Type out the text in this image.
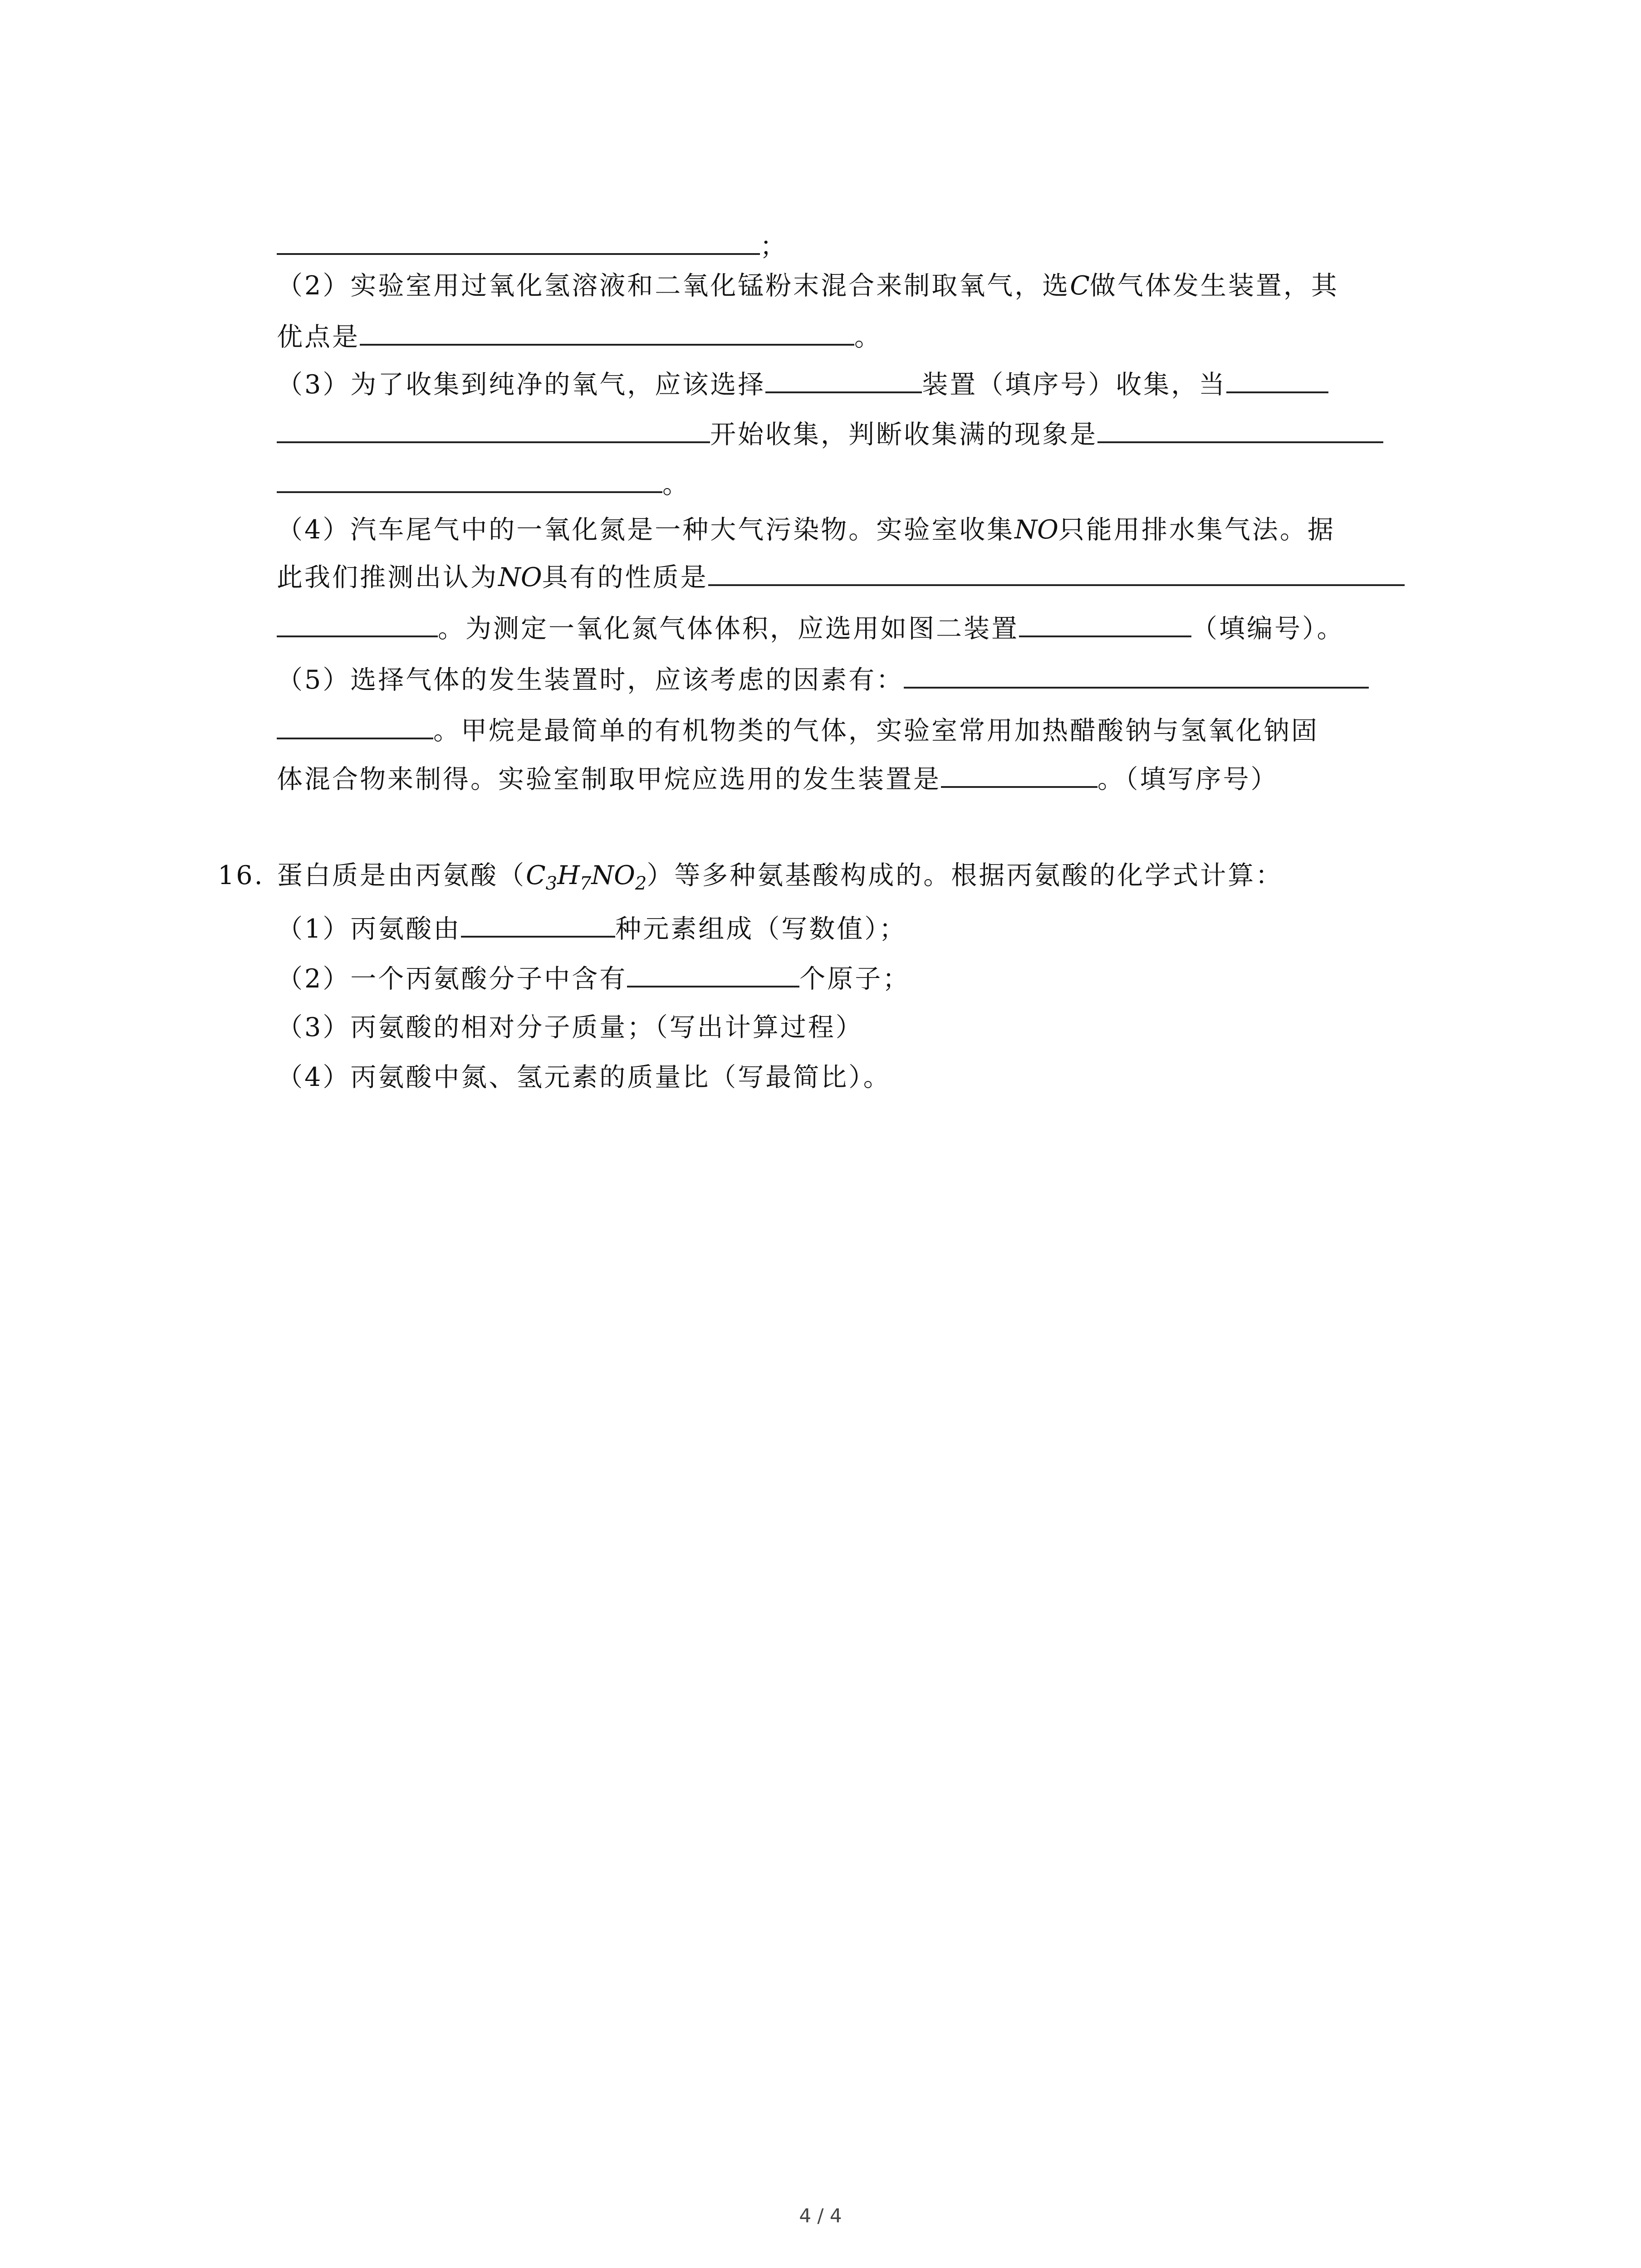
；
（2）实验室用过氧化氢溶液和二氧化锰粉末混合来制取氧气，选C做气体发生装置，其
优点是	。
（3）为了收集到纯净的氧气，应该选择	装置（填序号）收集，当
开始收集，判断收集满的现象是
。
（4）汽车尾气中的一氧化氮是一种大气污染物。实验室收集NO只能用排水集气法。据
此我们推测出认为NO具有的性质是
。为测定一氧化氮气体体积，应选用如图二装置	（填编号）。
（5）选择气体的发生装置时，应该考虑的因素有：
。甲烷是最简单的有机物类的气体，实验室常用加热醋酸钠与氢氧化钠固
体混合物来制得。实验室制取甲烷应选用的发生装置是	。（填写序号）
16. 蛋白质是由丙氨酸$(C_3H_7NO_2)$等多种氨基酸构成的。根据丙氨酸的化学式计算：
（1）丙氨酸由	种元素组成（写数值）；
（2）一个丙氨酸分子中含有	个原子；
（3）丙氨酸的相对分子质量；（写出计算过程）
（4）丙氨酸中氮、氢元素的质量比（写最简比）。
4 / 4
